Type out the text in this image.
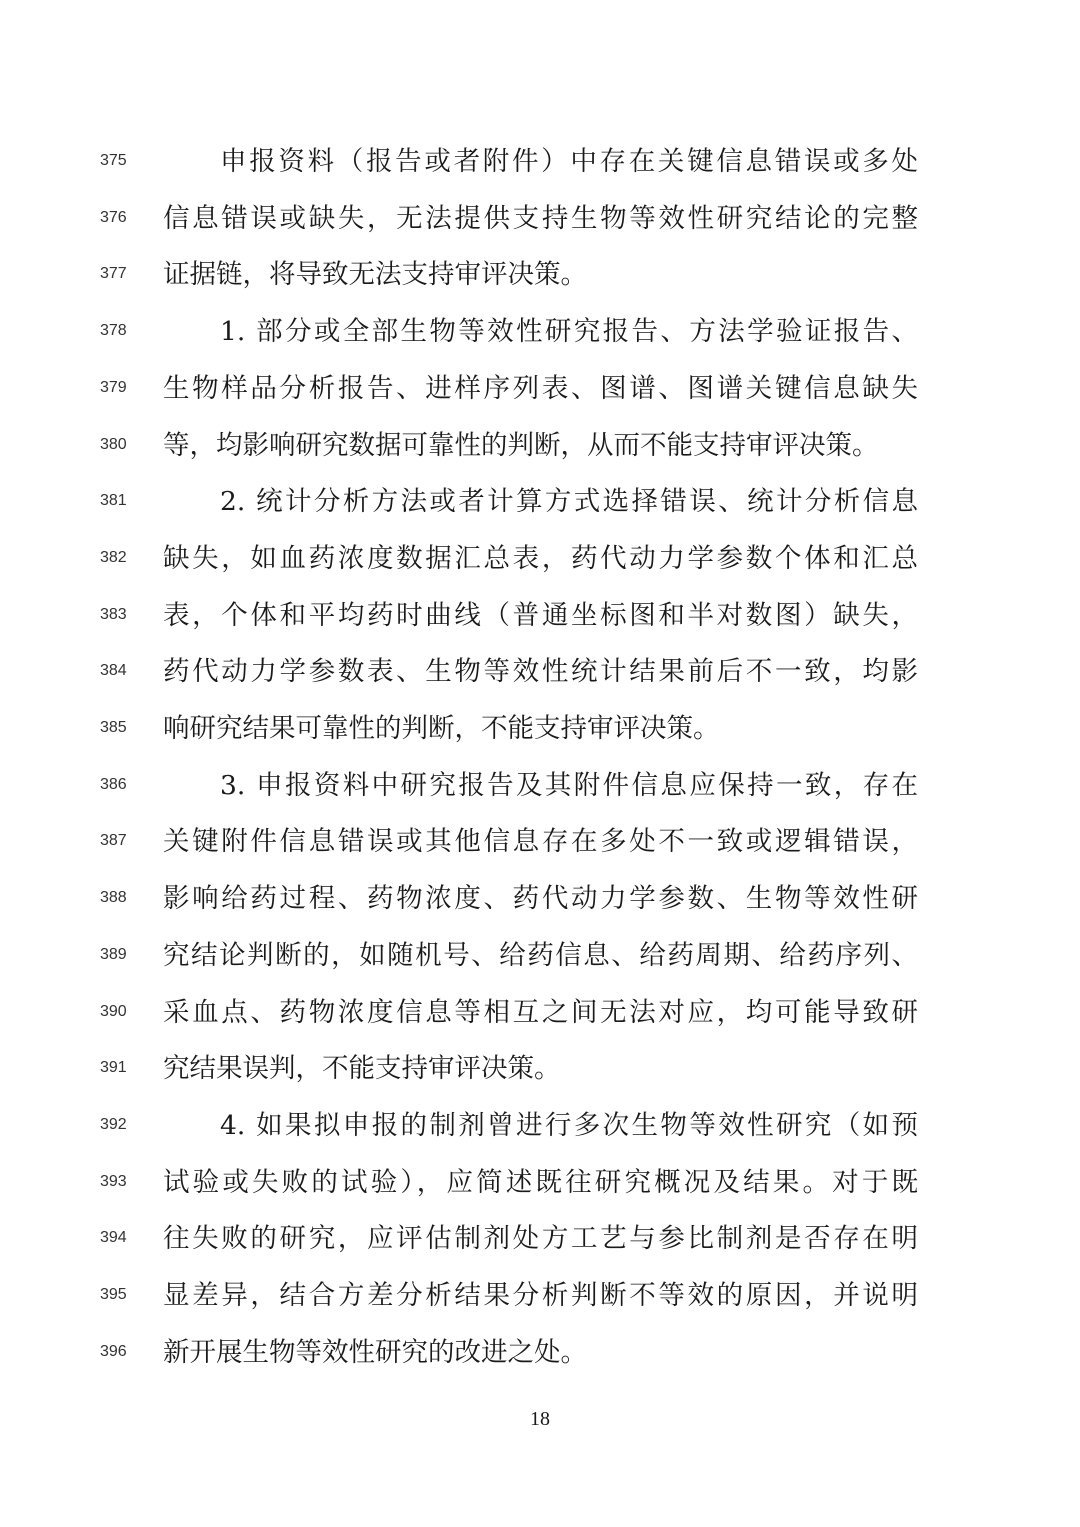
375	申报资料（报告或者附件）中存在关键信息错误或多处
376 信息错误或缺失，无法提供支持生物等效性研究结论的完整
377 证据链，将导致无法支持审评决策。
378	1. 部分或全部生物等效性研究报告、方法学验证报告、
379 生物样品分析报告、进样序列表、图谱、图谱关键信息缺失
380 等，均影响研究数据可靠性的判断，从而不能支持审评决策。
381	2. 统计分析方法或者计算方式选择错误、统计分析信息
382 缺失，如血药浓度数据汇总表，药代动力学参数个体和汇总
383 表，个体和平均药时曲线（普通坐标图和半对数图）缺失，
384 药代动力学参数表、生物等效性统计结果前后不一致，均影
385 响研究结果可靠性的判断，不能支持审评决策。
386	3. 申报资料中研究报告及其附件信息应保持一致，存在
387 关键附件信息错误或其他信息存在多处不一致或逻辑错误，
388 影响给药过程、药物浓度、药代动力学参数、生物等效性研
389 究结论判断的，如随机号、给药信息、给药周期、给药序列、
390 采血点、药物浓度信息等相互之间无法对应，均可能导致研
391 究结果误判，不能支持审评决策。
392	4. 如果拟申报的制剂曾进行多次生物等效性研究（如预
393 试验或失败的试验），应简述既往研究概况及结果。对于既
394 往失败的研究，应评估制剂处方工艺与参比制剂是否存在明
395 显差异，结合方差分析结果分析判断不等效的原因，并说明
396 新开展生物等效性研究的改进之处。
18
